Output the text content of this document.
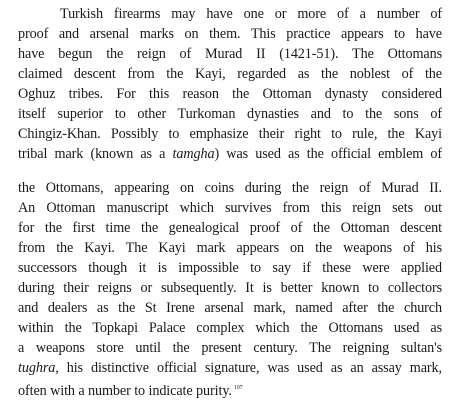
Turkish firearms may have one or more of a number of
proof and arsenal marks on them. This practice appears to have
have begun the reign of Murad II (1421-51). The Ottomans
claimed descent from the Kayi, regarded as the noblest of the
Oghuz tribes. For this reason the Ottoman dynasty considered
itself superior to other Turkoman dynasties and to the sons of
Chingiz-Khan. Possibly to emphasize their right to rule, the Kayi
tribal mark (known as a tamgha) was used as the official emblem of
the Ottomans, appearing on coins during the reign of Murad II.
An Ottoman manuscript which survives from this reign sets out
for the first time the genealogical proof of the Ottoman descent
from the Kayi. The Kayi mark appears on the weapons of his
successors though it is impossible to say if these were applied
during their reigns or subsequently. It is better known to collectors
and dealers as the St Irene arsenal mark, named after the church
within the Topkapi Palace complex which the Ottomans used as
a weapons store until the present century. The reigning sultan's
tughra, his distinctive official signature, was used as an assay mark,
often with a number to indicate purity. $^{107}$
